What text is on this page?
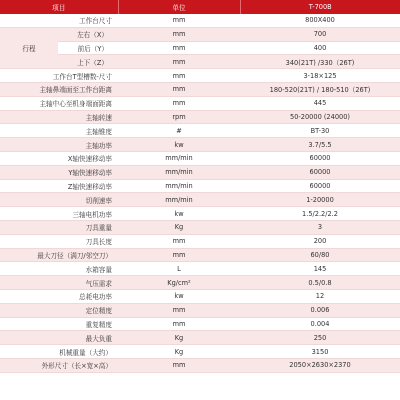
项目		单位	T-700B
工作台尺寸		mm	800X400
行程	左右（X）	mm	700
	前后（Y）	mm	400
	上下（Z）	mm	340(21T) /330（26T)
工作台T型槽数-尺寸		mm	3-18×125
主轴鼻端面至工作台距离		mm	180-520(21T) / 180-510（26T)
主轴中心至机身端面距离		mm	445
主轴转速		rpm	50-20000 (24000)
主轴锥度		#	BT-30
主轴功率		kw	3.7/5.5
X轴快速移动率		mm/min	60000
Y轴快速移动率		mm/min	60000
Z轴快速移动率		mm/min	60000
切削速率		mm/min	1-20000
三轴电机功率		kw	1.5/2.2/2.2
刀具重量		Kg	3
刀具长度		mm	200
最大刀径（满刀/邻空刀）		mm	60/80
水箱容量		L	145
气压需求		Kg/cm²	0.5/0.8
总耗电功率		kw	12
定位精度		mm	0.006
重复精度		mm	0.004
最大负重		Kg	250
机械重量（大约）		Kg	3150
外形尺寸（长×宽×高）		mm	2050×2630×2370
